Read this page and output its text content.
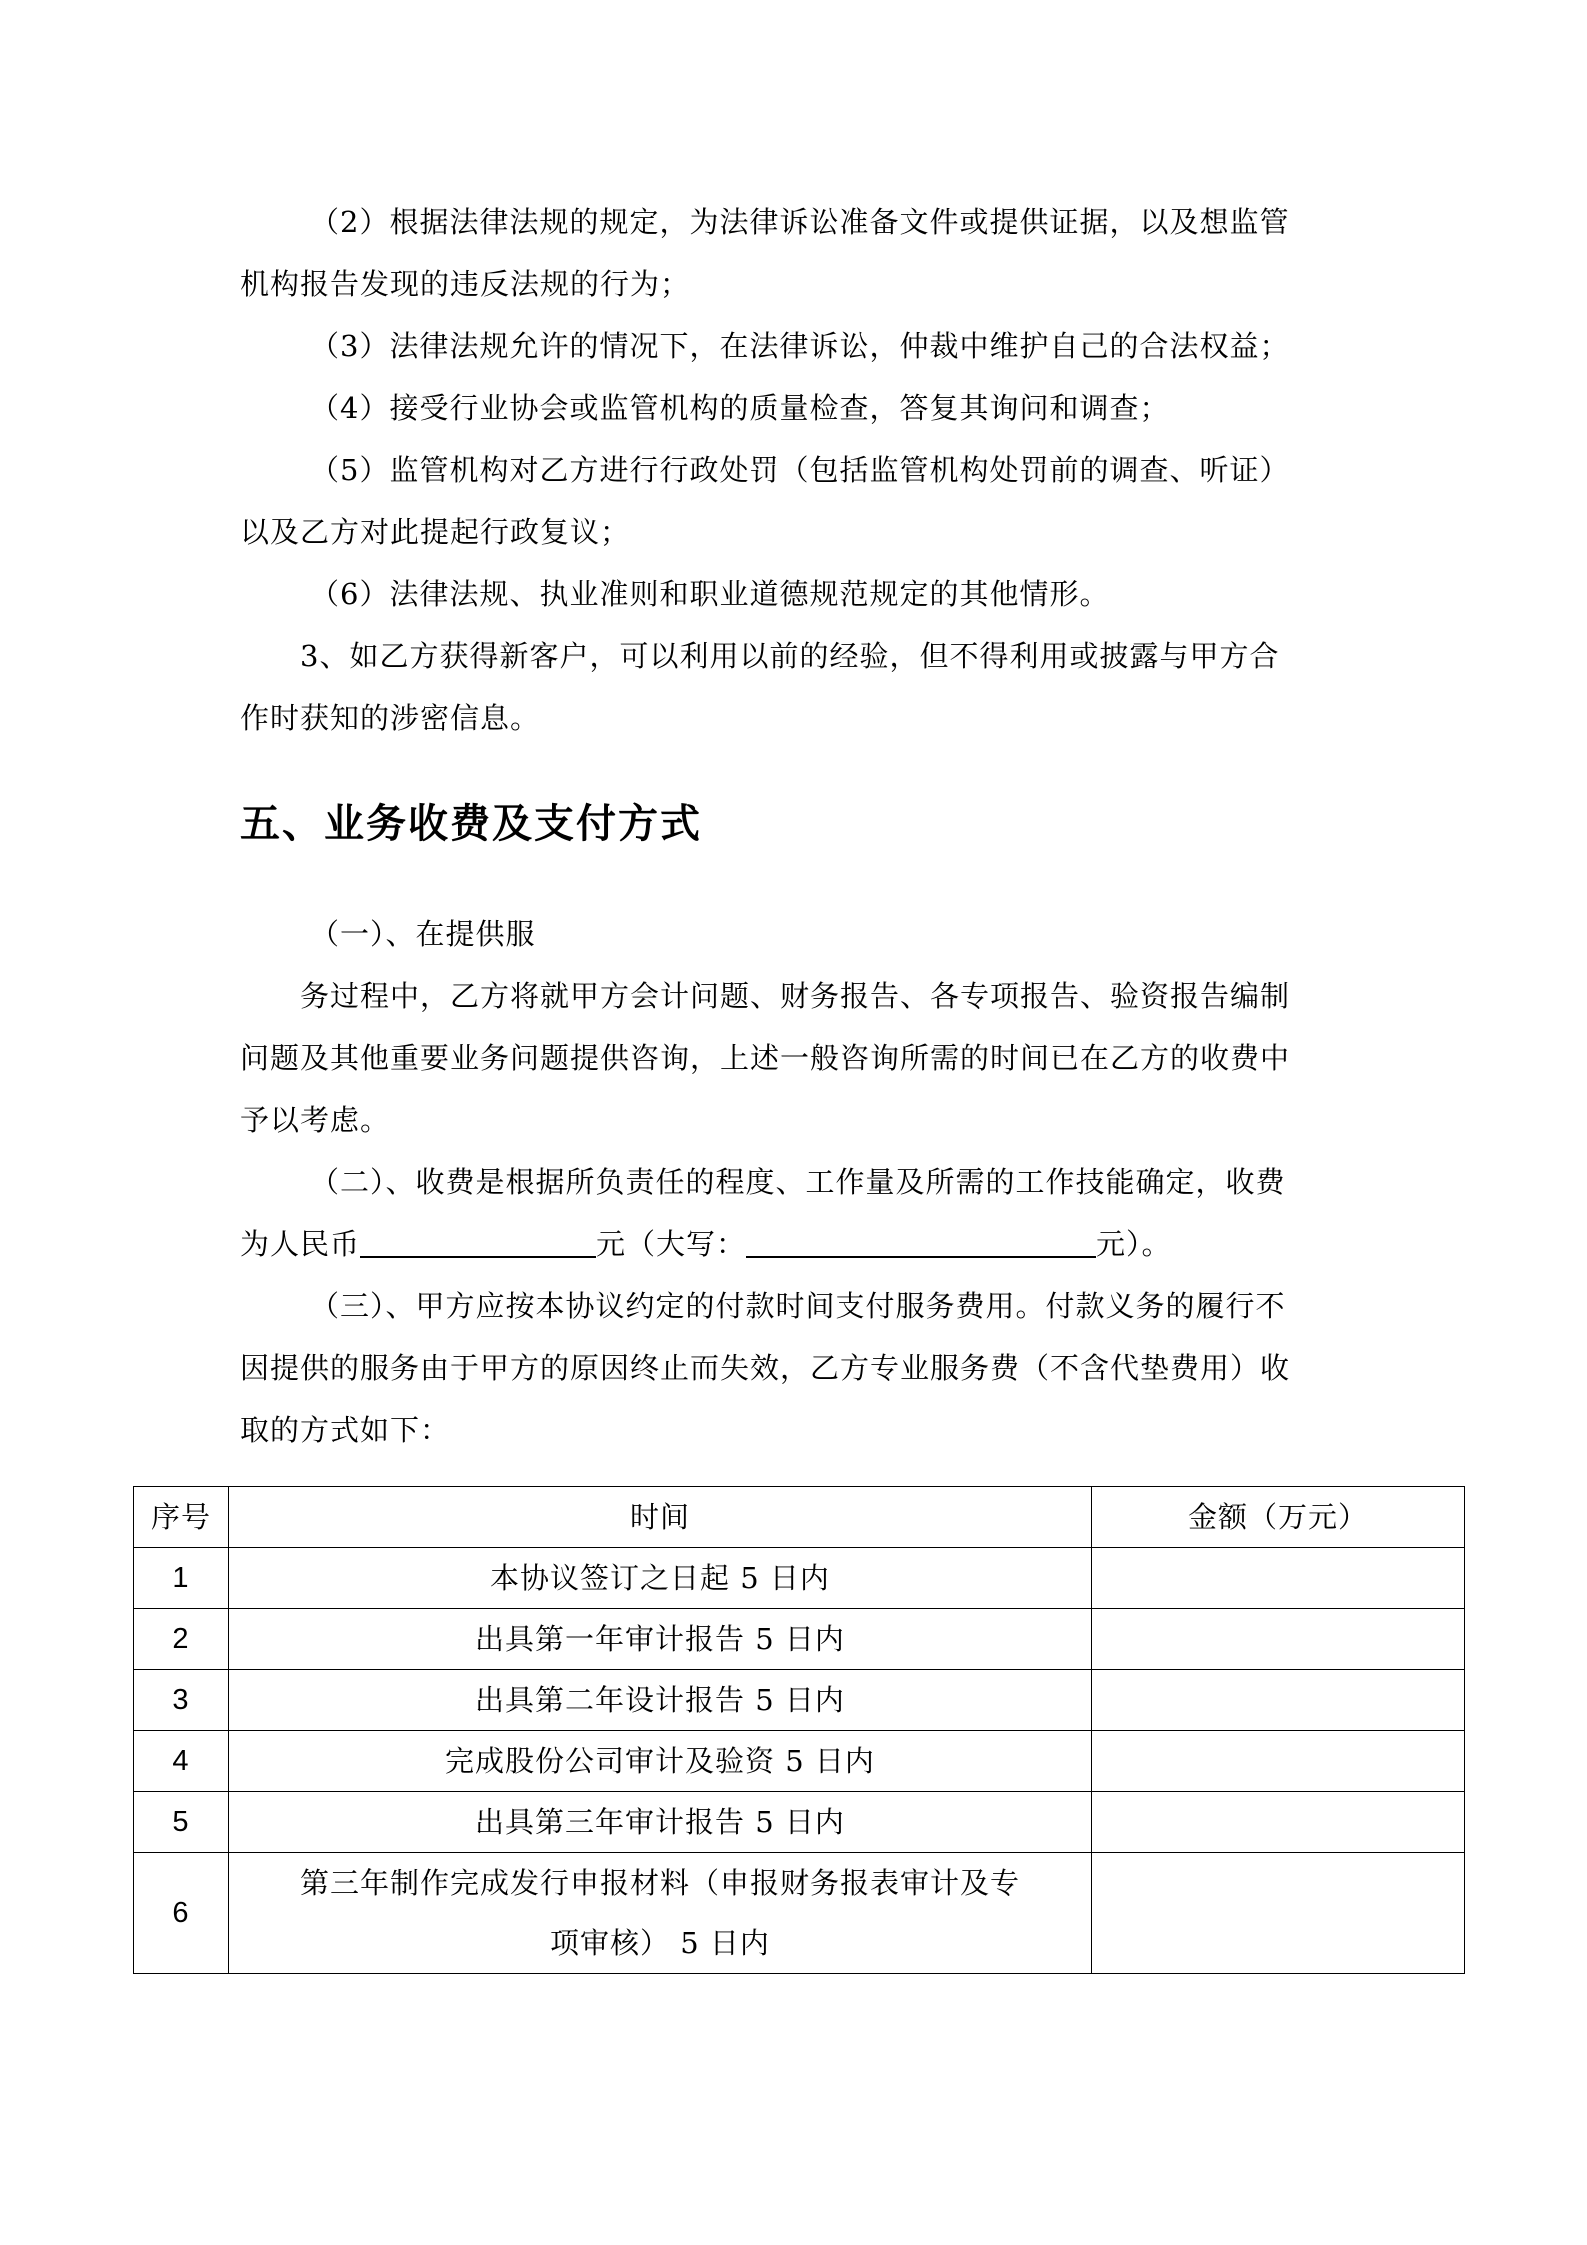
（2）根据法律法规的规定，为法律诉讼准备文件或提供证据，以及想监管
机构报告发现的违反法规的行为；
（3）法律法规允许的情况下，在法律诉讼，仲裁中维护自己的合法权益；
（4）接受行业协会或监管机构的质量检查，答复其询问和调查；
（5）监管机构对乙方进行行政处罚（包括监管机构处罚前的调查、听证）
以及乙方对此提起行政复议；
（6）法律法规、执业准则和职业道德规范规定的其他情形。
3、如乙方获得新客户，可以利用以前的经验，但不得利用或披露与甲方合
作时获知的涉密信息。
五、业务收费及支付方式
（一）、在提供服
务过程中，乙方将就甲方会计问题、财务报告、各专项报告、验资报告编制
问题及其他重要业务问题提供咨询，上述一般咨询所需的时间已在乙方的收费中
予以考虑。
（二）、收费是根据所负责任的程度、工作量及所需的工作技能确定，收费
为人民币	元（大写：	元）。
（三）、甲方应按本协议约定的付款时间支付服务费用。付款义务的履行不
因提供的服务由于甲方的原因终止而失效，乙方专业服务费（不含代垫费用）收
取的方式如下：
序号	时间	金额（万元）
1	本协议签订之日起 5 日内	
2	出具第一年审计报告 5 日内	
3	出具第二年设计报告 5 日内	
4	完成股份公司审计及验资 5 日内	
5	出具第三年审计报告 5 日内	
6	第三年制作完成发行申报材料（申报财务报表审计及专
项审核） 5 日内	
